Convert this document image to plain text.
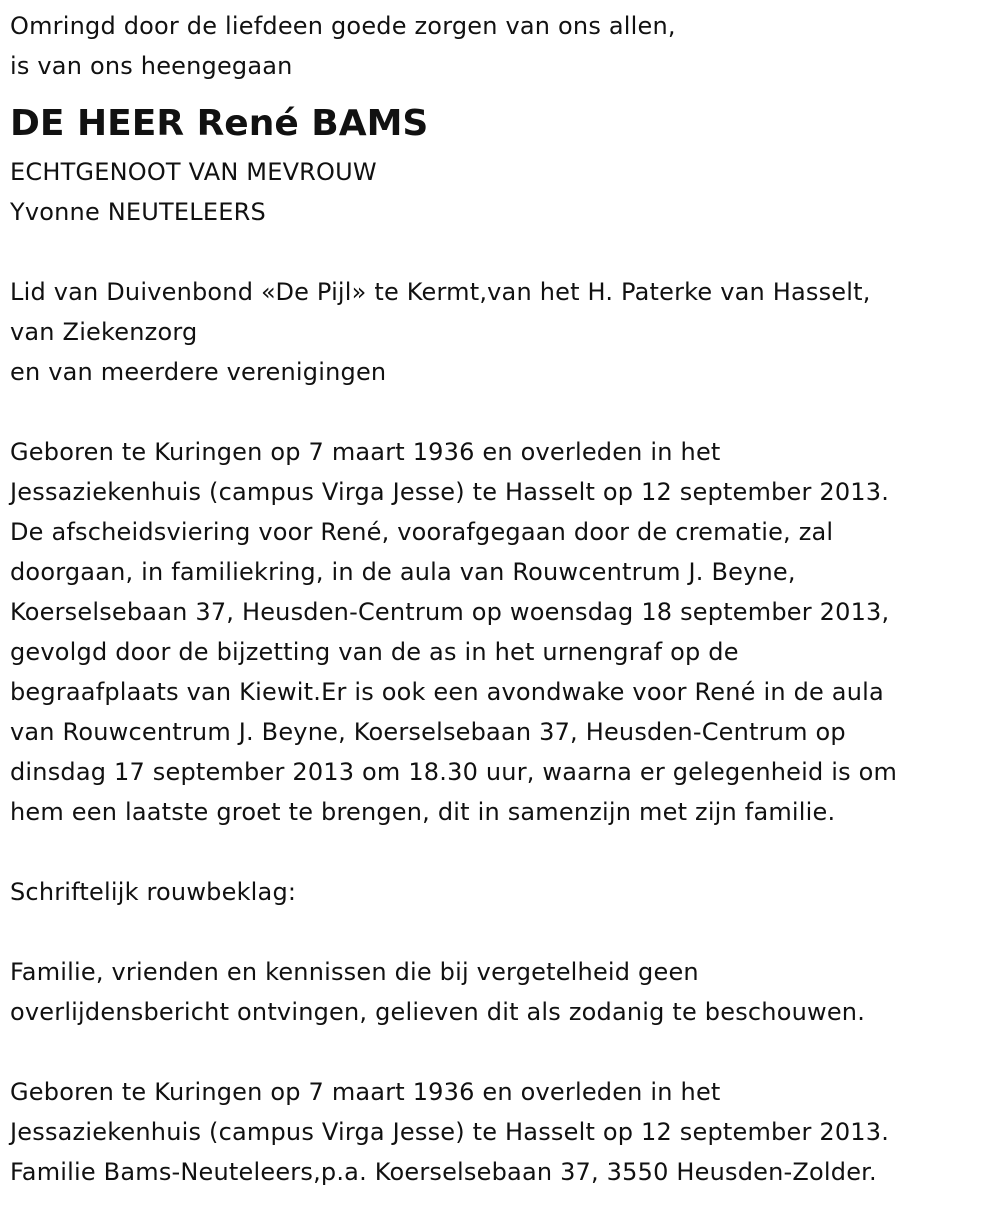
Omringd door de liefdeen goede zorgen van ons allen,
is van ons heengegaan
DE HEER René BAMS
ECHTGENOOT VAN MEVROUW
Yvonne NEUTELEERS
Lid van Duivenbond «De Pijl» te Kermt,van het H. Paterke van Hasselt,
van Ziekenzorg
en van meerdere verenigingen
Geboren te Kuringen op 7 maart 1936 en overleden in het
Jessaziekenhuis (campus Virga Jesse) te Hasselt op 12 september 2013.
De afscheidsviering voor René, voorafgegaan door de crematie, zal
doorgaan, in familiekring, in de aula van Rouwcentrum J. Beyne,
Koerselsebaan 37, Heusden-Centrum op woensdag 18 september 2013,
gevolgd door de bijzetting van de as in het urnengraf op de
begraafplaats van Kiewit.Er is ook een avondwake voor René in de aula
van Rouwcentrum J. Beyne, Koerselsebaan 37, Heusden-Centrum op
dinsdag 17 september 2013 om 18.30 uur, waarna er gelegenheid is om
hem een laatste groet te brengen, dit in samenzijn met zijn familie.
Schriftelijk rouwbeklag:
Familie, vrienden en kennissen die bij vergetelheid geen
overlijdensbericht ontvingen, gelieven dit als zodanig te beschouwen.
Geboren te Kuringen op 7 maart 1936 en overleden in het
Jessaziekenhuis (campus Virga Jesse) te Hasselt op 12 september 2013.
Familie Bams-Neuteleers,p.a. Koerselsebaan 37, 3550 Heusden-Zolder.
